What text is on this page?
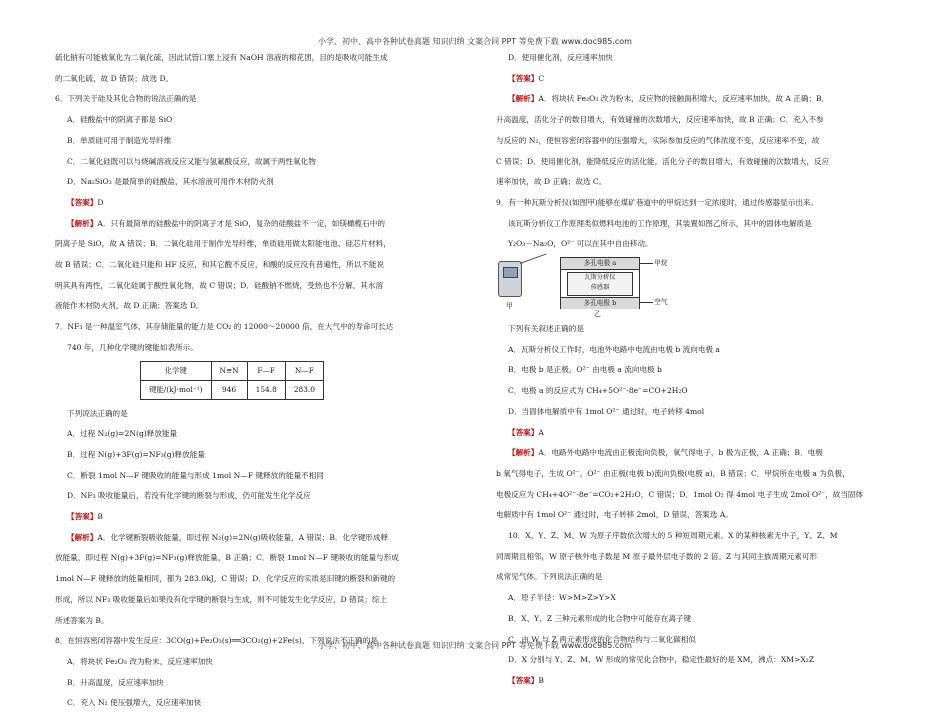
小学、初中、高中各种试卷真题 知识归纳 文案合同 PPT 等免费下载 www.doc985.com

硫化钠有可能被氧化为二氧化硫，因此试管口塞上浸有 NaOH 溶液的棉花团，目的是吸收可能生成

的二氧化硫，故 D 错误；故选 D。

6．下列关于硅及其化合物的说法正确的是

A．硅酸盐中的阴离子都是 SiO

B．单质硅可用于制造光导纤维

C．二氧化硅既可以与烧碱溶液反应又能与氢氟酸反应，故属于两性氧化物

D．Na₂SiO₃ 是最简单的硅酸盐，其水溶液可用作木材防火剂

【答案】D

【解析】A．只有最简单的硅酸盐中的阴离子才是 SiO，复杂的硅酸盐不一定，如镁橄榄石中的

阴离子是 SiO，故 A 错误；B．二氧化硅用于制作光导纤维，单质硅用做太阳能电池、硅芯片材料，

故 B 错误；C．二氧化硅只能和 HF 反应，和其它酸不反应，和酸的反应没有普遍性，所以不能说

明其具有两性，二氧化硅属于酸性氧化物，故 C 错误；D．硅酸钠不燃烧，受热也不分解，其水溶

液能作木材防火剂，故 D 正确；答案选 D。

7．NF₃ 是一种温室气体，其存储能量的能力是 CO₂ 的 12000～20000 倍，在大气中的寿命可长达

740 年，几种化学键的键能如表所示。

化学键	N≡N	F—F	N—F
键能/(kJ·mol⁻¹)	946	154.8	283.0

下列说法正确的是

A．过程 N₂(g)=2N(g)释放能量

B．过程 N(g)+3F(g)=NF₃(g)释放能量

C．断裂 1mol N—F 键吸收的能量与形成 1mol N—F 键释放的能量不相同

D．NF₃ 吸收能量后，若没有化学键的断裂与形成，仍可能发生化学反应

【答案】B

【解析】A．化学键断裂吸收能量，即过程 N₂(g)=2N(g)吸收能量，A 错误；B．化学键形成释

放能量，即过程 N(g)+3F(g)=NF₃(g)释放能量，B 正确；C．断裂 1mol N—F 键吸收的能量与形成

1mol N—F 键释放的能量相同，都为 283.0kJ，C 错误；D．化学反应的实质是旧键的断裂和新键的

形成，所以 NF₃ 吸收能量后如果没有化学键的断裂与生成，则不可能发生化学反应，D 错误；综上

所述答案为 B。

8．在恒容密闭容器中发生反应：3CO(g)+Fe₂O₃(s)══3CO₂(g)+2Fe(s)，下列说法不正确的是

A．将块状 Fe₂O₃ 改为粉末，反应速率加快

B．升高温度，反应速率加快

C．充入 N₂ 使压强增大，反应速率加快

D．使用催化剂，反应速率加快

【答案】C

【解析】A．将块状 Fe₂O₃ 改为粉末，反应物的接触面积增大，反应速率加快，故 A 正确；B．

升高温度，活化分子的数目增大，有效碰撞的次数增大，反应速率加快，故 B 正确；C．充入不参

与反应的 N₂，使恒容密闭容器中的压强增大，实际参加反应的气体浓度不变，反应速率不变，故

C 错误；D．使用催化剂，能降低反应的活化能，活化分子的数目增大，有效碰撞的次数增大，反应

速率加快，故 D 正确；故选 C。

9．有一种瓦斯分析仪(如图甲)能够在煤矿巷道中的甲烷达到一定浓度时，通过传感器显示出来。

该瓦斯分析仪工作原理类似燃料电池的工作原理，其装置如图乙所示，其中的固体电解质是

Y₂O₃－Na₂O，O²⁻ 可以在其中自由移动。

甲
多孔电极 a
瓦斯分析仪
传感器
多孔电极 b
甲烷
空气
乙

下列有关叙述正确的是

A．瓦斯分析仪工作时，电池外电路中电流由电极 b 流向电极 a

B．电极 b 是正极，O²⁻ 由电极 a 流向电极 b

C．电极 a 的反应式为 CH₄+5O²⁻-8e⁻=CO+2H₂O

D．当固体电解质中有 1mol O²⁻ 通过时，电子转移 4mol

【答案】A

【解析】A．电路外电路中电流由正极流向负极，氧气得电子，b 极为正极，A 正确；B．电极

b 氧气得电子，生成 O²⁻，O²⁻ 由正极(电极 b)流向负极(电极 a)，B 错误；C．甲烷所在电极 a 为负极，

电极反应为 CH₄+4O²⁻-8e⁻=CO₂+2H₂O，C 错误；D．1mol O₂ 得 4mol 电子生成 2mol O²⁻，故当固体

电解质中有 1mol O²⁻ 通过时，电子转移 2mol，D 错误，答案选 A。

10．X、Y、Z、M、W 为原子序数依次增大的 5 种短周期元素。X 的某种核素无中子，Y、Z、M

同周期且相邻，W 原子核外电子数是 M 原子最外层电子数的 2 倍。Z 与其同主族周期元素可形

成常见气体。下列说法正确的是

A．原子半径：W>M>Z>Y>X

B．X、Y、Z 三种元素形成的化合物中可能存在离子键

C．由 W 与 Z 两元素形成的化合物结构与二氧化碳相似

D．X 分别与 Y、Z、M、W 形成的常见化合物中，稳定性最好的是 XM，沸点：XM>X₂Z

【答案】B

小学、初中、高中各种试卷真题 知识归纳 文案合同 PPT 等免费下载 www.doc985.com
